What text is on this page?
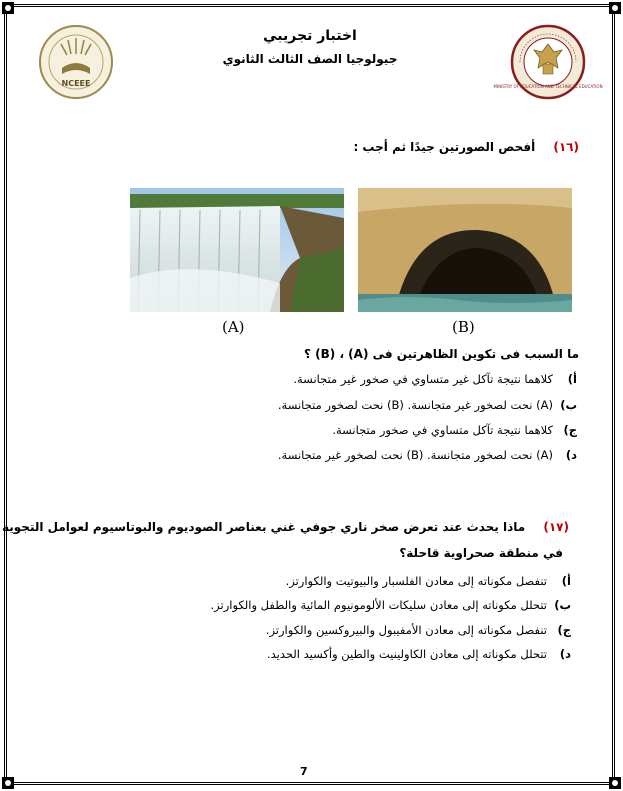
NCEEE	MINISTRY OF EDUCATION AND TECHNICAL EDUCATION
اختبار تجريبي
جيولوجيا الصف الثالث الثانوي
(١٦) أفحص الصورتين جيدًا ثم أجب :
(A)	(B)
ما السبب فى تكوين الظاهرتين فى (A) ، (B) ؟
أ)كلاهما نتيجة تآكل غير متساوي في صخور غير متجانسة.
ب)(A) نحت لصخور غير متجانسة. (B) نحت لصخور متجانسة.
ج)كلاهما نتيجة تآكل متساوي في صخور متجانسة.
د)(A) نحت لصخور متجانسة. (B) نحت لصخور غير متجانسة.
(١٧) ماذا يحدث عند تعرض صخر ناري جوفي غني بعناصر الصوديوم والبوتاسيوم لعوامل التجوية
في منطقة صحراوية قاحلة؟
أ)تنفصل مكوناته إلى معادن الفلسبار والبيوتيت والكوارتز.
ب)تتحلل مكوناته إلى معادن سليكات الألومونيوم المائية والطفل والكوارتز.
ج)تنفصل مكوناته إلى معادن الأمفيبول والبيروكسين والكوارتز.
د)تتحلل مكوناته إلى معادن الكاولينيت والطين وأكسيد الحديد.
7
